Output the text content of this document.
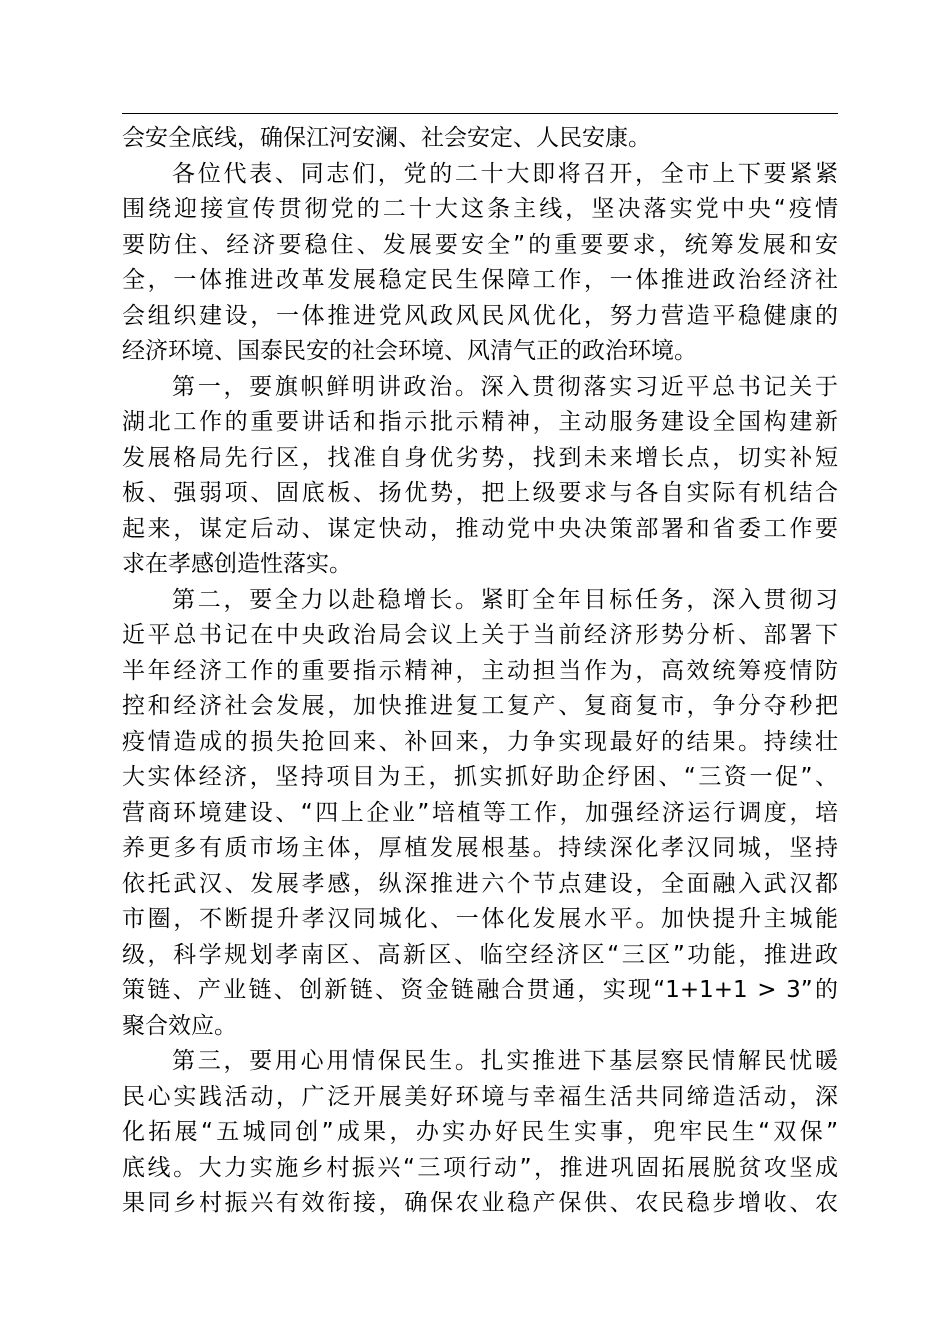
会安全底线，确保江河安澜、社会安定、人民安康。
各位代表、同志们，党的二十大即将召开，全市上下要紧紧
围绕迎接宣传贯彻党的二十大这条主线，坚决落实党中央“疫情
要防住、经济要稳住、发展要安全”的重要要求，统筹发展和安
全，一体推进改革发展稳定民生保障工作，一体推进政治经济社
会组织建设，一体推进党风政风民风优化，努力营造平稳健康的
经济环境、国泰民安的社会环境、风清气正的政治环境。
第一，要旗帜鲜明讲政治。深入贯彻落实习近平总书记关于
湖北工作的重要讲话和指示批示精神，主动服务建设全国构建新
发展格局先行区，找准自身优劣势，找到未来增长点，切实补短
板、强弱项、固底板、扬优势，把上级要求与各自实际有机结合
起来，谋定后动、谋定快动，推动党中央决策部署和省委工作要
求在孝感创造性落实。
第二，要全力以赴稳增长。紧盯全年目标任务，深入贯彻习
近平总书记在中央政治局会议上关于当前经济形势分析、部署下
半年经济工作的重要指示精神，主动担当作为，高效统筹疫情防
控和经济社会发展，加快推进复工复产、复商复市，争分夺秒把
疫情造成的损失抢回来、补回来，力争实现最好的结果。持续壮
大实体经济，坚持项目为王，抓实抓好助企纾困、“三资一促”、
营商环境建设、“四上企业”培植等工作，加强经济运行调度，培
养更多有质市场主体，厚植发展根基。持续深化孝汉同城，坚持
依托武汉、发展孝感，纵深推进六个节点建设，全面融入武汉都
市圈，不断提升孝汉同城化、一体化发展水平。加快提升主城能
级，科学规划孝南区、高新区、临空经济区“三区”功能，推进政
策链、产业链、创新链、资金链融合贯通，实现“1+1+1 > 3”的
聚合效应。
第三，要用心用情保民生。扎实推进下基层察民情解民忧暖
民心实践活动，广泛开展美好环境与幸福生活共同缔造活动，深
化拓展“五城同创”成果，办实办好民生实事，兜牢民生“双保”
底线。大力实施乡村振兴“三项行动”，推进巩固拓展脱贫攻坚成
果同乡村振兴有效衔接，确保农业稳产保供、农民稳步增收、农
